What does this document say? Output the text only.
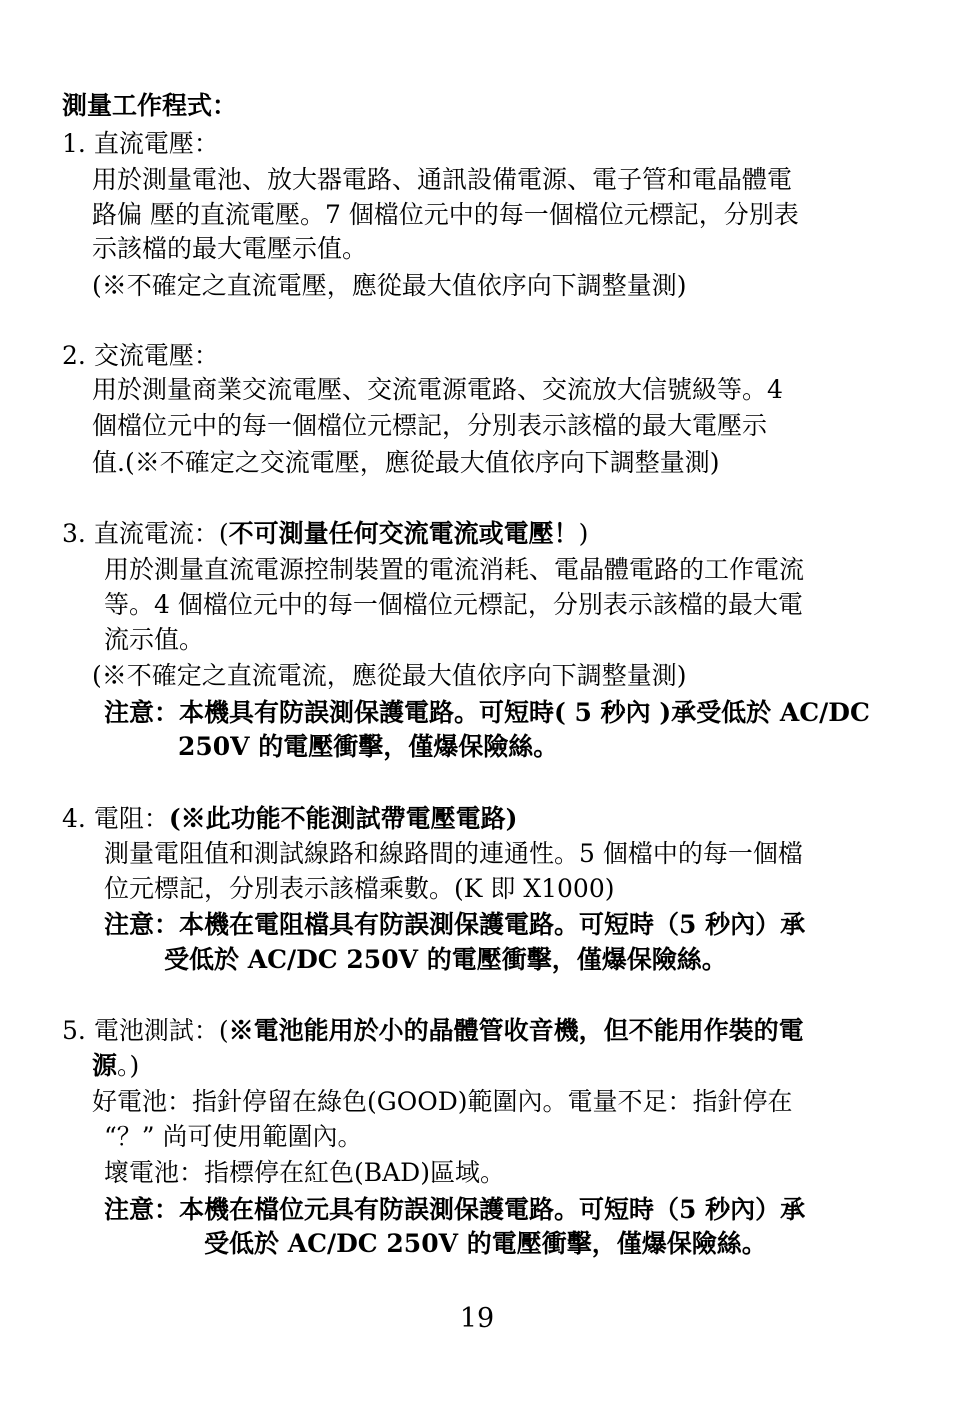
測量工作程式：
1. 直流電壓：
用於測量電池、放大器電路、通訊設備電源、電子管和電晶體電
路偏 壓的直流電壓。7 個檔位元中的每一個檔位元標記，分別表
示該檔的最大電壓示值。
(※不確定之直流電壓，應從最大值依序向下調整量測)
2. 交流電壓：
用於測量商業交流電壓、交流電源電路、交流放大信號級等。4
個檔位元中的每一個檔位元標記，分別表示該檔的最大電壓示
值.(※不確定之交流電壓，應從最大值依序向下調整量測)
3. 直流電流：(不可測量任何交流電流或電壓！)
用於測量直流電源控制裝置的電流消耗、電晶體電路的工作電流
等。4 個檔位元中的每一個檔位元標記，分別表示該檔的最大電
流示值。
(※不確定之直流電流，應從最大值依序向下調整量測)
注意：本機具有防誤測保護電路。可短時( 5 秒內 )承受低於 AC/DC
250V 的電壓衝擊，僅爆保險絲。
4. 電阻：(※此功能不能測試帶電壓電路)
測量電阻值和測試線路和線路間的連通性。5 個檔中的每一個檔
位元標記，分別表示該檔乘數。(K 即 X1000)
注意：本機在電阻檔具有防誤測保護電路。可短時（5 秒內）承
受低於 AC/DC 250V 的電壓衝擊，僅爆保險絲。
5. 電池測試：(※電池能用於小的晶體管收音機，但不能用作裝的電
源。)
好電池：指針停留在綠色(GOOD)範圍內。電量不足：指針停在
“？” 尚可使用範圍內。
壞電池：指標停在紅色(BAD)區域。
注意：本機在檔位元具有防誤測保護電路。可短時（5 秒內）承
受低於 AC/DC 250V 的電壓衝擊，僅爆保險絲。
19
